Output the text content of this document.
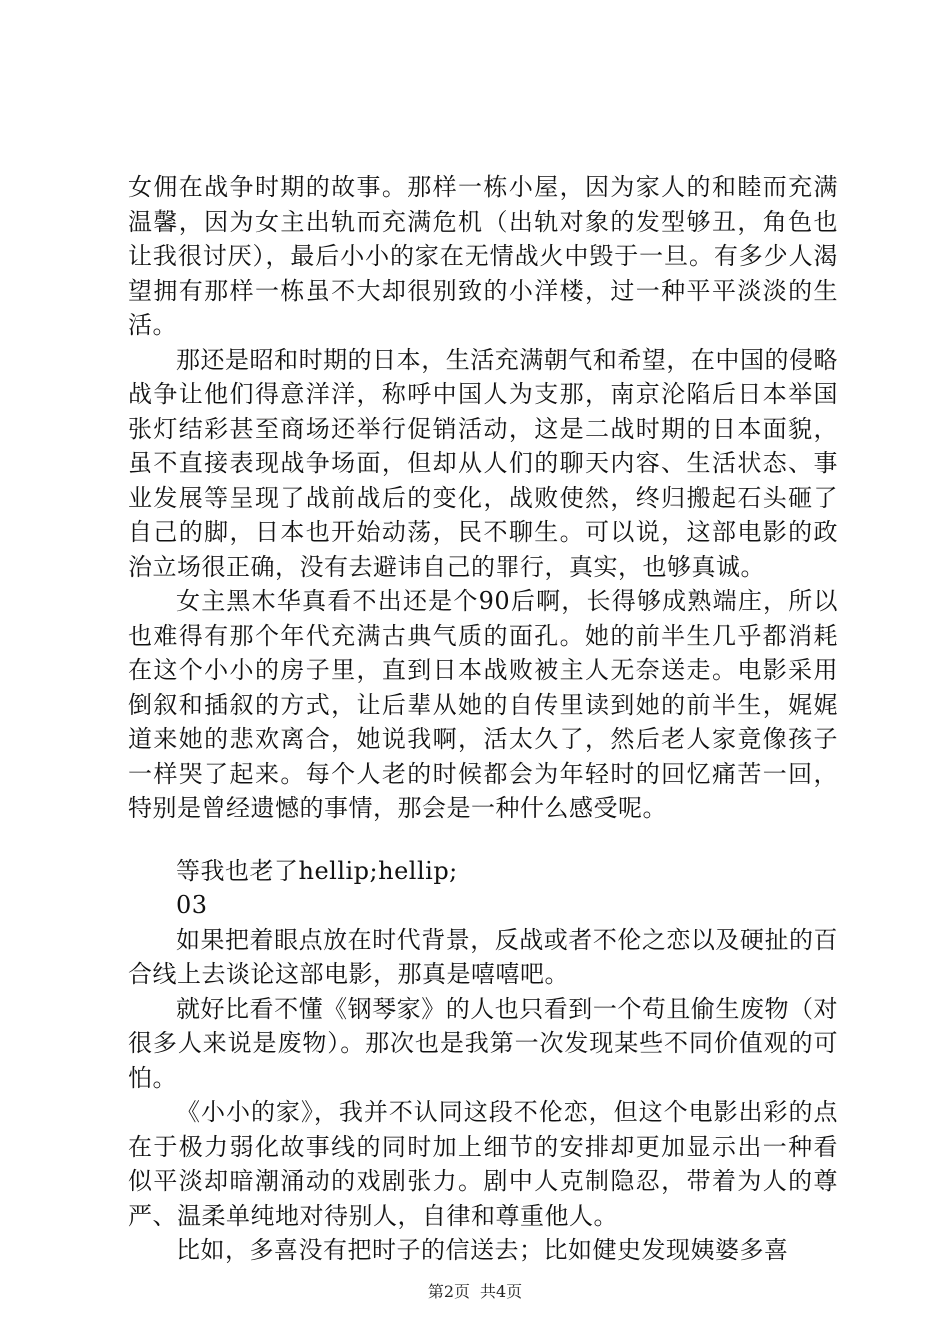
女佣在战争时期的故事。那样一栋小屋，因为家人的和睦而充满温馨，因为女主出轨而充满危机（出轨对象的发型够丑，角色也让我很讨厌），最后小小的家在无情战火中毁于一旦。有多少人渴望拥有那样一栋虽不大却很别致的小洋楼，过一种平平淡淡的生活。

那还是昭和时期的日本，生活充满朝气和希望，在中国的侵略战争让他们得意洋洋，称呼中国人为支那，南京沦陷后日本举国张灯结彩甚至商场还举行促销活动，这是二战时期的日本面貌，虽不直接表现战争场面，但却从人们的聊天内容、生活状态、事业发展等呈现了战前战后的变化，战败使然，终归搬起石头砸了自己的脚，日本也开始动荡，民不聊生。可以说，这部电影的政治立场很正确，没有去避讳自己的罪行，真实，也够真诚。

女主黑木华真看不出还是个90后啊，长得够成熟端庄，所以也难得有那个年代充满古典气质的面孔。她的前半生几乎都消耗在这个小小的房子里，直到日本战败被主人无奈送走。电影采用倒叙和插叙的方式，让后辈从她的自传里读到她的前半生，娓娓道来她的悲欢离合，她说我啊，活太久了，然后老人家竟像孩子一样哭了起来。每个人老的时候都会为年轻时的回忆痛苦一回，特别是曾经遗憾的事情，那会是一种什么感受呢。

等我也老了hellip;hellip;

03

如果把着眼点放在时代背景，反战或者不伦之恋以及硬扯的百合线上去谈论这部电影，那真是嘻嘻吧。

就好比看不懂《钢琴家》的人也只看到一个苟且偷生废物（对很多人来说是废物）。那次也是我第一次发现某些不同价值观的可怕。

《小小的家》，我并不认同这段不伦恋，但这个电影出彩的点在于极力弱化故事线的同时加上细节的安排却更加显示出一种看似平淡却暗潮涌动的戏剧张力。剧中人克制隐忍，带着为人的尊严、温柔单纯地对待别人，自律和尊重他人。

比如，多喜没有把时子的信送去；比如健史发现姨婆多喜

第2页 共4页
